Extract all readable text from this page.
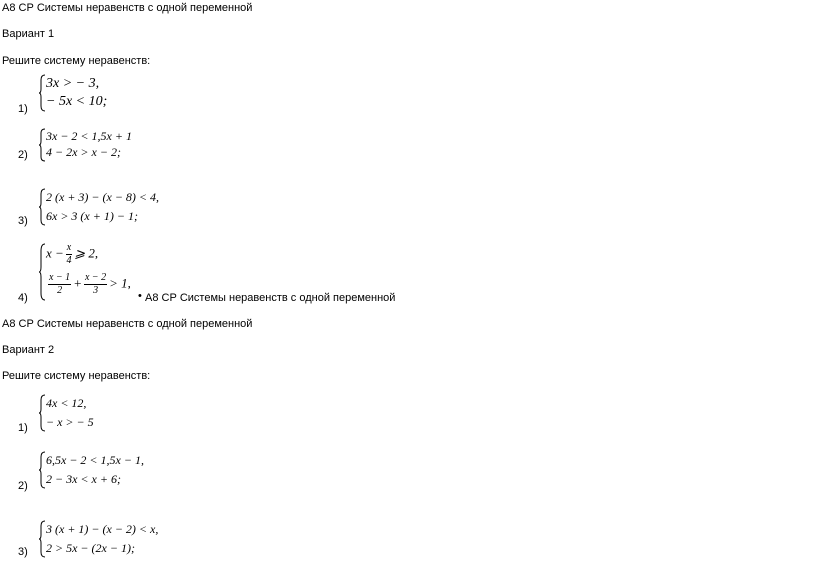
А8 СР Системы неравенств с одной переменной
Вариант 1
Решите систему неравенств:
1)
3x > − 3,
− 5x < 10;
2)
3x − 2 < 1,5x + 1
4 − 2x > x − 2;
3)
2 (x + 3) − (x − 8) < 4,
6x > 3 (x + 1) − 1;
4)
$x - \frac{x}{4}$ ⩾ 2,
$\frac{x - 1}{2} + \frac{x - 2}{3} > 1$,
• А8 СР Системы неравенств с одной переменной
А8 СР Системы неравенств с одной переменной
Вариант 2
Решите систему неравенств:
1)
4x < 12,
− x > − 5
2)
6,5x − 2 < 1,5x − 1,
2 − 3x < x + 6;
3)
3 (x + 1) − (x − 2) < x,
2 > 5x − (2x − 1);
